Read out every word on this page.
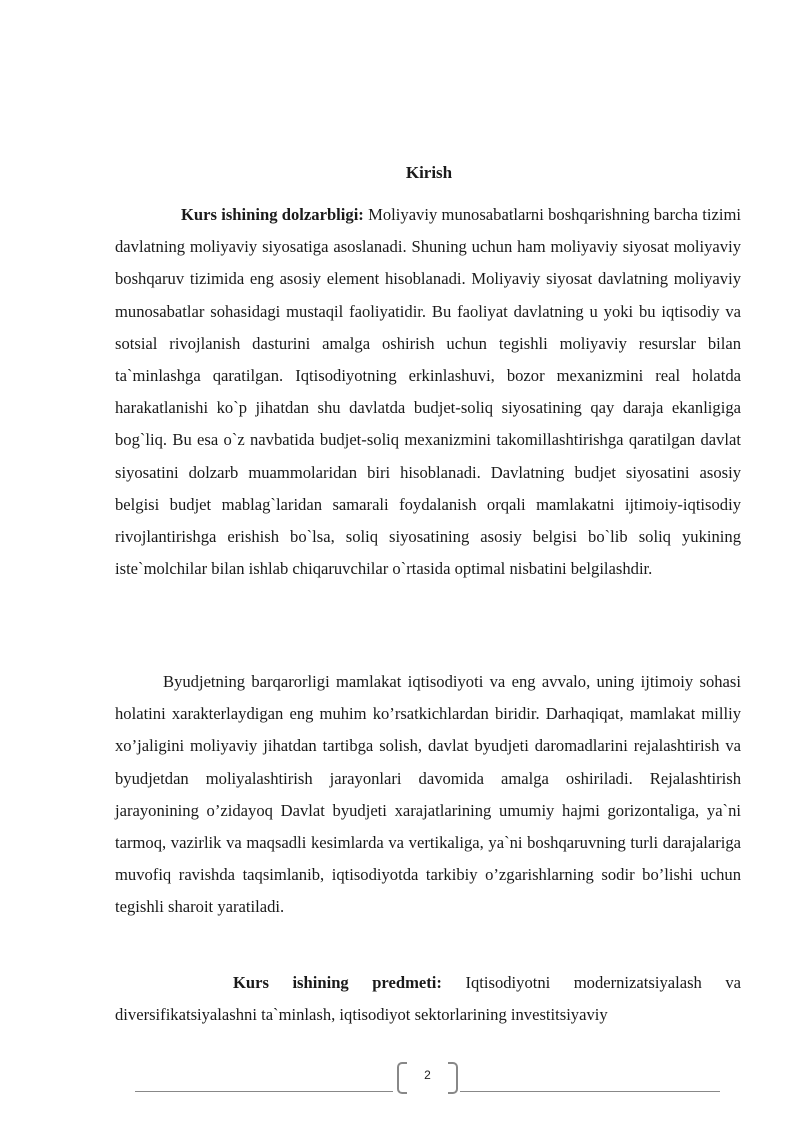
Kirish

Kurs ishining dolzarbligi: Moliyaviy munosabatlarni boshqarishning barcha tizimi davlatning moliyaviy siyosatiga asoslanadi. Shuning uchun ham moliyaviy siyosat moliyaviy boshqaruv tizimida eng asosiy element hisoblanadi. Moliyaviy siyosat davlatning moliyaviy munosabatlar sohasidagi mustaqil faoliyatidir. Bu faoliyat davlatning u yoki bu iqtisodiy va sotsial rivojlanish dasturini amalga oshirish uchun tegishli moliyaviy resurslar bilan ta`minlashga qaratilgan. Iqtisodiyotning erkinlashuvi, bozor mexanizmini real holatda harakatlanishi ko`p jihatdan shu davlatda budjet-soliq siyosatining qay daraja ekanligiga bog`liq. Bu esa o`z navbatida budjet-soliq mexanizmini takomillashtirishga qaratilgan davlat siyosatini dolzarb muammolaridan biri hisoblanadi. Davlatning budjet siyosatini asosiy belgisi budjet mablag`laridan samarali foydalanish orqali mamlakatni ijtimoiy-iqtisodiy rivojlantirishga erishish bo`lsa, soliq siyosatining asosiy belgisi bo`lib soliq yukining iste`molchilar bilan ishlab chiqaruvchilar o`rtasida optimal nisbatini belgilashdir.

Byudjetning barqarorligi mamlakat iqtisodiyoti va eng avvalo, uning ijtimoiy sohasi holatini xarakterlaydigan eng muhim ko’rsatkichlardan biridir. Darhaqiqat, mamlakat milliy xo’jaligini moliyaviy jihatdan tartibga solish, davlat byudjeti daromadlarini rejalashtirish va byudjetdan moliyalashtirish jarayonlari davomida amalga oshiriladi. Rejalashtirish jarayonining o’zidayoq Davlat byudjeti xarajatlarining umumiy hajmi gorizontaliga, ya`ni tarmoq, vazirlik va maqsadli kesimlarda va vertikaliga, ya`ni boshqaruvning turli darajalariga muvofiq ravishda taqsimlanib, iqtisodiyotda tarkibiy o’zgarishlarning sodir bo’lishi uchun tegishli sharoit yaratiladi.

Kurs ishining predmeti: Iqtisodiyotni modernizatsiyalash va diversifikatsiyalashni ta`minlash, iqtisodiyot sektorlarining investitsiyaviy

2
